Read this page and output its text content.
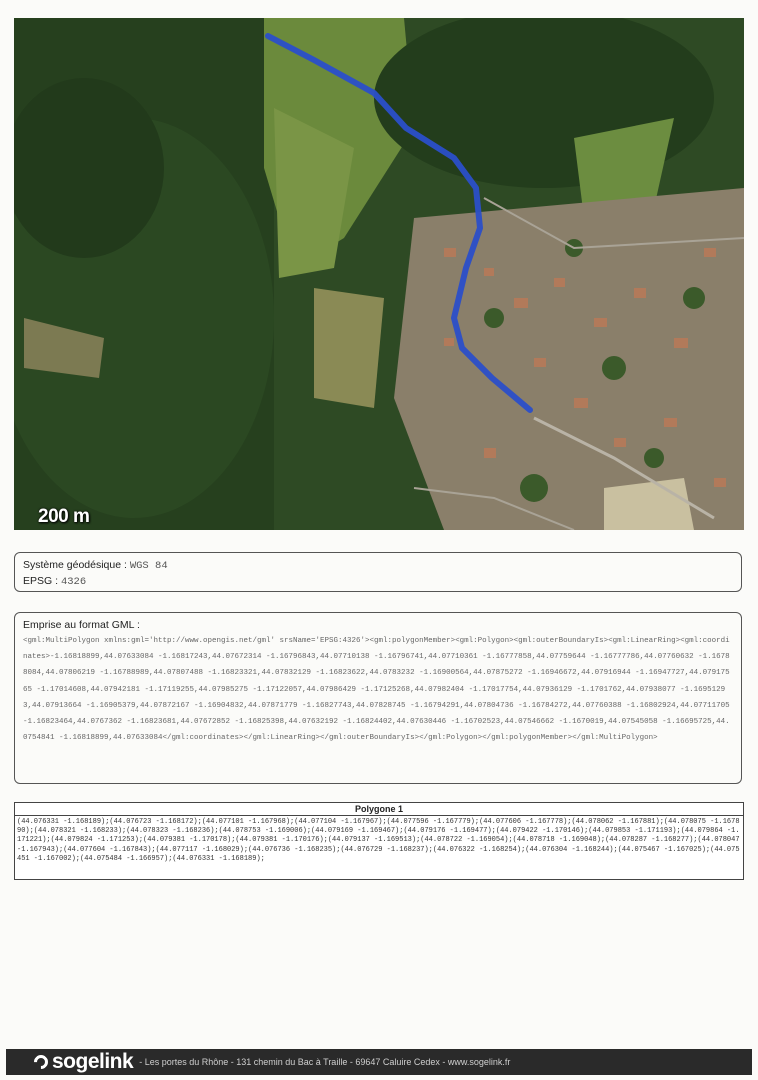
200 m
Système géodésique : WGS 84
EPSG : 4326
Emprise au format GML :
<gml:MultiPolygon xmlns:gml='http://www.opengis.net/gml' srsName='EPSG:4326'><gml:polygonMember><gml:Polygon><gml:outerBoundaryIs><gml:LinearRing><gml:coordinates>-1.16818899,44.07633084 -1.16817243,44.07672314 -1.16796843,44.07710138 -1.16796741,44.07710361 -1.16777858,44.07759644 -1.16777786,44.07760632 -1.16788084,44.07806219 -1.16788989,44.07807488 -1.16823321,44.07832129 -1.16823622,44.0783232 -1.16900564,44.07875272 -1.16946672,44.07916944 -1.16947727,44.07917565 -1.17014608,44.07942181 -1.17119255,44.07985275 -1.17122057,44.07986429 -1.17125268,44.07982404 -1.17017754,44.07936129 -1.1701762,44.07938077 -1.16951293,44.07913664 -1.16905379,44.07872167 -1.16904832,44.07871779 -1.16827743,44.07828745 -1.16794291,44.07804736 -1.16784272,44.07760388 -1.16802924,44.07711705 -1.16823464,44.0767362 -1.16823681,44.07672852 -1.16825398,44.07632192 -1.16824402,44.07630446 -1.16702523,44.07546662 -1.1670019,44.07545058 -1.16695725,44.0754841 -1.16818899,44.07633084</gml:coordinates></gml:LinearRing></gml:outerBoundaryIs></gml:Polygon></gml:polygonMember></gml:MultiPolygon>
Polygone 1
(44.076331 -1.168189);(44.076723 -1.168172);(44.077101 -1.167968);(44.077104 -1.167967);(44.077596 -1.167779);(44.077606 -1.167778);(44.078062 -1.167881);(44.078075 -1.167890);(44.078321 -1.168233);(44.078323 -1.168236);(44.078753 -1.169006);(44.079169 -1.169467);(44.079176 -1.169477);(44.079422 -1.170146);(44.079853 -1.171193);(44.079864 -1.171221);(44.079824 -1.171253);(44.079381 -1.170178);(44.079381 -1.170176);(44.079137 -1.169513);(44.078722 -1.169054);(44.078718 -1.169048);(44.078287 -1.168277);(44.078047 -1.167943);(44.077604 -1.167843);(44.077117 -1.168029);(44.076736 -1.168235);(44.076729 -1.168237);(44.076322 -1.168254);(44.076304 -1.168244);(44.075467 -1.167025);(44.075451 -1.167002);(44.075484 -1.166957);(44.076331 -1.168189);
sogelink - Les portes du Rhône - 131 chemin du Bac à Traille - 69647 Caluire Cedex - www.sogelink.fr
